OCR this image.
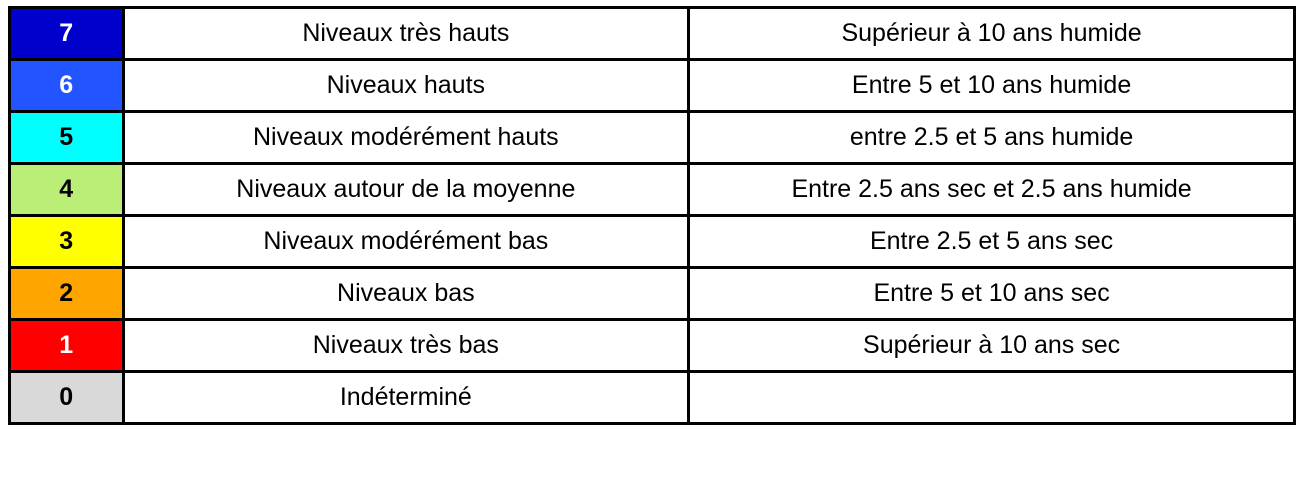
7	Niveaux très hauts	Supérieur à 10 ans humide
6	Niveaux hauts	Entre 5 et 10 ans humide
5	Niveaux modérément hauts	entre 2.5 et 5 ans humide
4	Niveaux autour de la moyenne	Entre 2.5 ans sec et 2.5 ans humide
3	Niveaux modérément bas	Entre 2.5 et 5 ans sec
2	Niveaux bas	Entre 5 et 10 ans sec
1	Niveaux très bas	Supérieur à 10 ans sec
0	Indéterminé	
